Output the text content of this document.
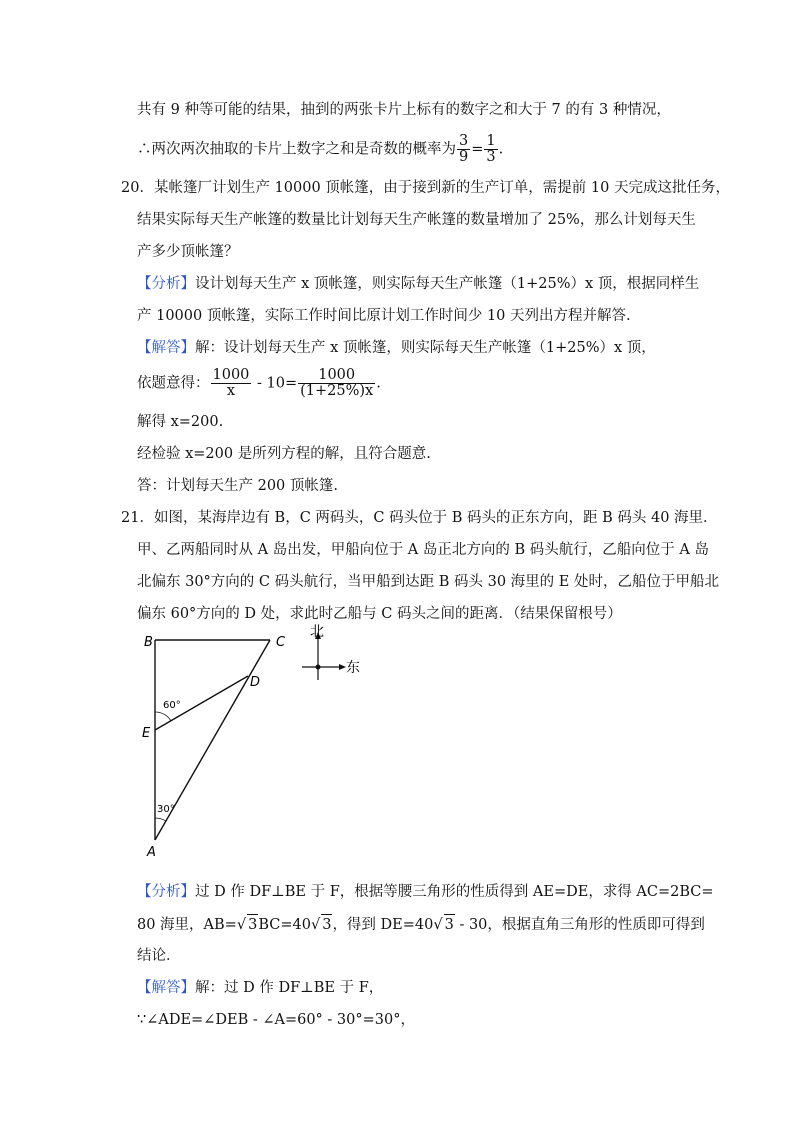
共有 9 种等可能的结果，抽到的两张卡片上标有的数字之和大于 7 的有 3 种情况，
∴两次两次抽取的卡片上数字之和是奇数的概率为 $\frac{3}{9} = \frac{1}{3}$ .
20．某帐篷厂计划生产 10000 顶帐篷，由于接到新的生产订单，需提前 10 天完成这批任务，
结果实际每天生产帐篷的数量比计划每天生产帐篷的数量增加了 25%，那么计划每天生
产多少顶帐篷？
【分析】设计划每天生产 x 顶帐篷，则实际每天生产帐篷（1+25%）x 顶，根据同样生
产 10000 顶帐篷，实际工作时间比原计划工作时间少 10 天列出方程并解答.
【解答】解：设计划每天生产 x 顶帐篷，则实际每天生产帐篷（1+25%）x 顶，
依题意得： $\frac{1000}{x} - 10= \frac{1000}{(1+25\%)x}$ .
解得 x=200.
经检验 x=200 是所列方程的解，且符合题意.
答：计划每天生产 200 顶帐篷.
21．如图，某海岸边有 B，C 两码头，C 码头位于 B 码头的正东方向，距 B 码头 40 海里．
甲、乙两船同时从 A 岛出发，甲船向位于 A 岛正北方向的 B 码头航行，乙船向位于 A 岛
北偏东 30°方向的 C 码头航行，当甲船到达距 B 码头 30 海里的 E 处时，乙船位于甲船北
偏东 60°方向的 D 处，求此时乙船与 C 码头之间的距离．（结果保留根号）
B	C
D
E
A
60°
30°
北
东
【分析】过 D 作 DF⊥BE 于 F，根据等腰三角形的性质得到 AE=DE，求得 AC=2BC=
80 海里，AB=√ 3BC=40√ 3，得到 DE=40√ 3 - 30，根据直角三角形的性质即可得到
结论．
【解答】解：过 D 作 DF⊥BE 于 F，
∵∠ADE=∠DEB - ∠A=60° - 30°=30°，
